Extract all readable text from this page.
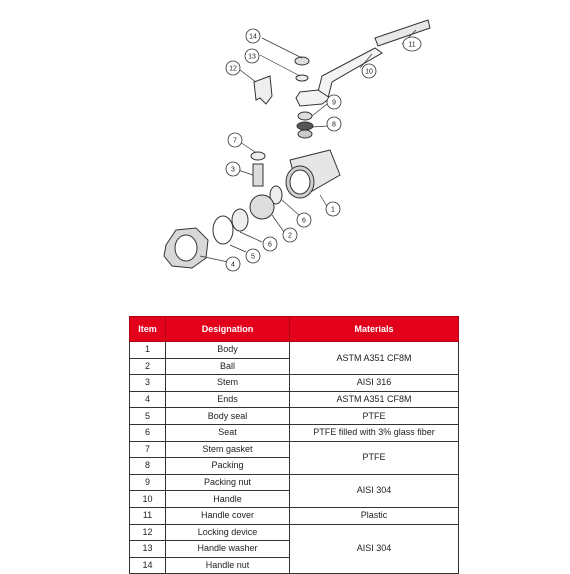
14
13
12	10
11
9
8
7
3
1
6
2
6
5
4
Item	Designation	Materials
1	Body	ASTM A351 CF8M
2	Ball	
3	Stem	AISI 316
4	Ends	ASTM A351 CF8M
5	Body seal	PTFE
6	Seat	PTFE filled with 3% glass fiber
7	Stem gasket	PTFE
8	Packing	
9	Packing nut	AISI 304
10	Handle	
11	Handle cover	Plastic
12	Locking device	AISI 304
13	Handle washer	
14	Handle nut	
